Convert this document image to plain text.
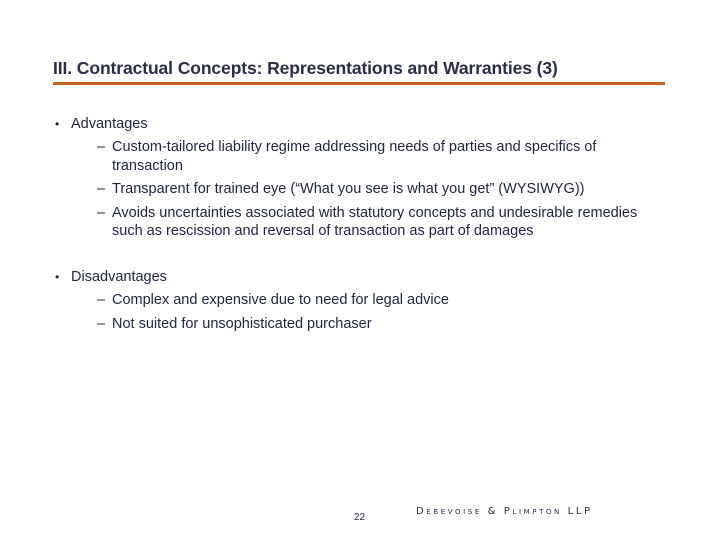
III. Contractual Concepts: Representations and Warranties (3)
• Advantages
– Custom-tailored liability regime addressing needs of parties and specifics of transaction
– Transparent for trained eye (“What you see is what you get” (WYSIWYG))
– Avoids uncertainties associated with statutory concepts and undesirable remedies such as rescission and reversal of transaction as part of damages
• Disadvantages
– Complex and expensive due to need for legal advice
– Not suited for unsophisticated purchaser
22
Debevoise & Plimpton LLP
